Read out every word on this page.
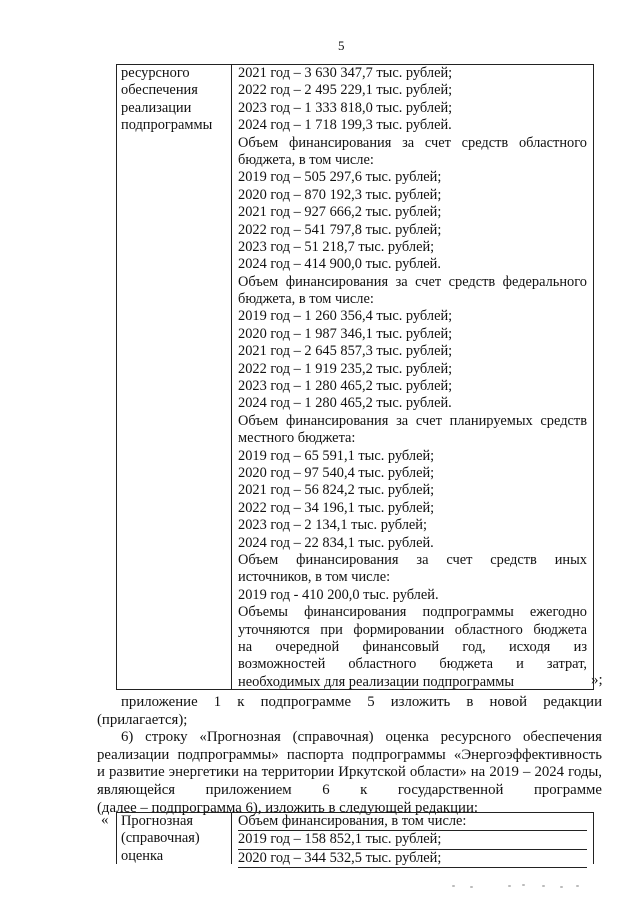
5
ресурсного
обеспечения
реализации
подпрограммы
2021 год – 3 630 347,7 тыс. рублей;
2022 год – 2 495 229,1 тыс. рублей;
2023 год – 1 333 818,0 тыс. рублей;
2024 год – 1 718 199,3 тыс. рублей.
Объем финансирования за счет средств областного
бюджета, в том числе:
2019 год – 505 297,6 тыс. рублей;
2020 год – 870 192,3 тыс. рублей;
2021 год – 927 666,2 тыс. рублей;
2022 год – 541 797,8 тыс. рублей;
2023 год – 51 218,7 тыс. рублей;
2024 год – 414 900,0 тыс. рублей.
Объем финансирования за счет средств федерального
бюджета, в том числе:
2019 год – 1 260 356,4 тыс. рублей;
2020 год – 1 987 346,1 тыс. рублей;
2021 год – 2 645 857,3 тыс. рублей;
2022 год – 1 919 235,2 тыс. рублей;
2023 год – 1 280 465,2 тыс. рублей;
2024 год – 1 280 465,2 тыс. рублей.
Объем финансирования за счет планируемых средств
местного бюджета:
2019 год – 65 591,1 тыс. рублей;
2020 год – 97 540,4 тыс. рублей;
2021 год – 56 824,2 тыс. рублей;
2022 год – 34 196,1 тыс. рублей;
2023 год – 2 134,1 тыс. рублей;
2024 год – 22 834,1 тыс. рублей.
Объем финансирования за счет средств иных
источников, в том числе:
2019 год - 410 200,0 тыс. рублей.
Объемы финансирования подпрограммы ежегодно
уточняются при формировании областного бюджета
на очередной финансовый год, исходя из
возможностей областного бюджета и затрат,
необходимых для реализации подпрограммы	»;
приложение 1 к подпрограмме 5 изложить в новой редакции
(прилагается);
6) строку «Прогнозная (справочная) оценка ресурсного обеспечения
реализации подпрограммы» паспорта подпрограммы «Энергоэффективность
и развитие энергетики на территории Иркутской области» на 2019 – 2024 годы,
являющейся приложением 6 к государственной программе
(далее – подпрограмма 6), изложить в следующей редакции:
« Прогнозная
(справочная)
оценка
Объем финансирования, в том числе:
2019 год – 158 852,1 тыс. рублей;
2020 год – 344 532,5 тыс. рублей;
